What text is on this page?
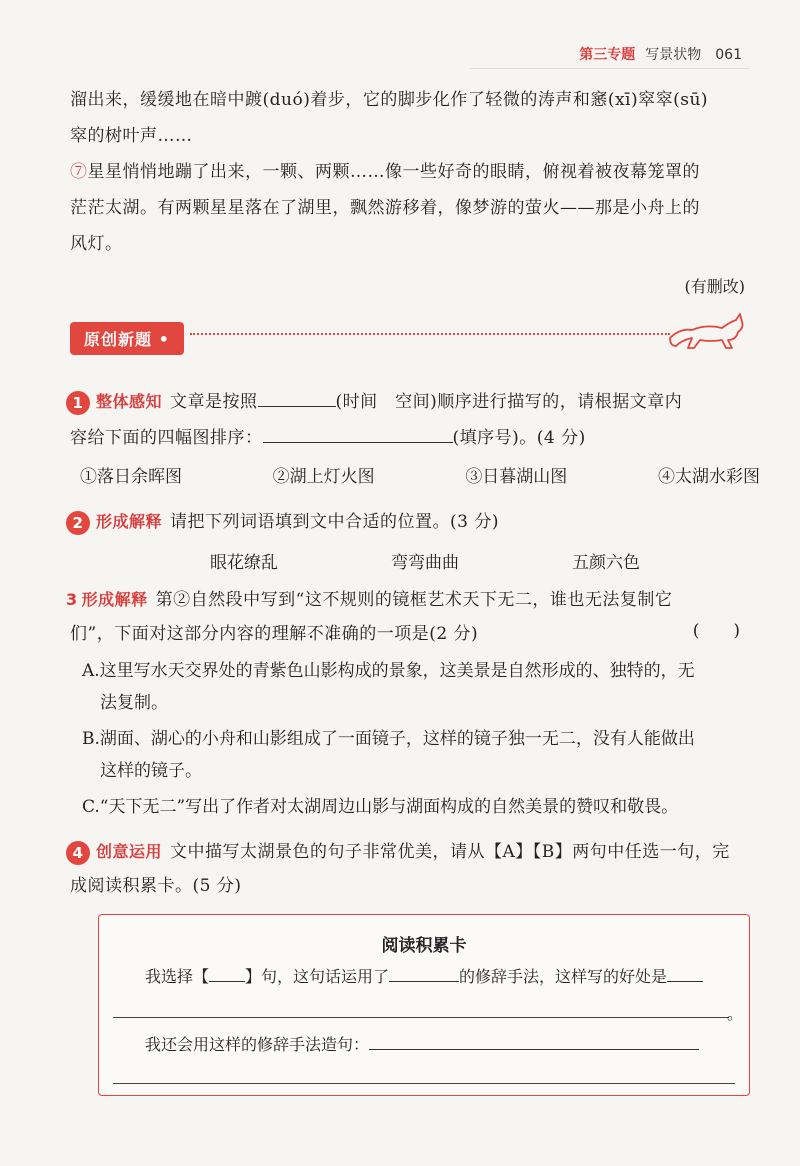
第三专题 写景状物 061
溜出来，缓缓地在暗中踱(duó)着步，它的脚步化作了轻微的涛声和窸(xī)窣窣(sū)
窣的树叶声……
⑦星星悄悄地蹦了出来，一颗、两颗……像一些好奇的眼睛，俯视着被夜幕笼罩的
茫茫太湖。有两颗星星落在了湖里，飘然游移着，像梦游的萤火——那是小舟上的
风灯。
(有删改)
原创新题 •
1 整体感知 文章是按照	(时间　空间)顺序进行描写的，请根据文章内
容给下面的四幅图排序：	(填序号)。(4 分)
①落日余晖图	②湖上灯火图	③日暮湖山图	④太湖水彩图
2 形成解释 请把下列词语填到文中合适的位置。(3 分)
眼花缭乱	弯弯曲曲	五颜六色
3 形成解释 第②自然段中写到“这不规则的镜框艺术天下无二，谁也无法复制它
们”，下面对这部分内容的理解不准确 • •的一项是(2 分)	(　　)
A.这里写水天交界处的青紫色山影构成的景象，这美景是自然形成的、独特的，无
法复制。
B.湖面、湖心的小舟和山影组成了一面镜子，这样的镜子独一无二，没有人能做出
这样的镜子。
C.“天下无二”写出了作者对太湖周边山影与湖面构成的自然美景的赞叹和敬畏。
4 创意运用 文中描写太湖景色的句子非常优美，请从【A】【B】两句中任选一句，完
成阅读积累卡。(5 分)
阅读积累卡
我选择【 】句，这句话运用了	的修辞手法，这样写的好处是
。
我还会用这样的修辞手法造句：
